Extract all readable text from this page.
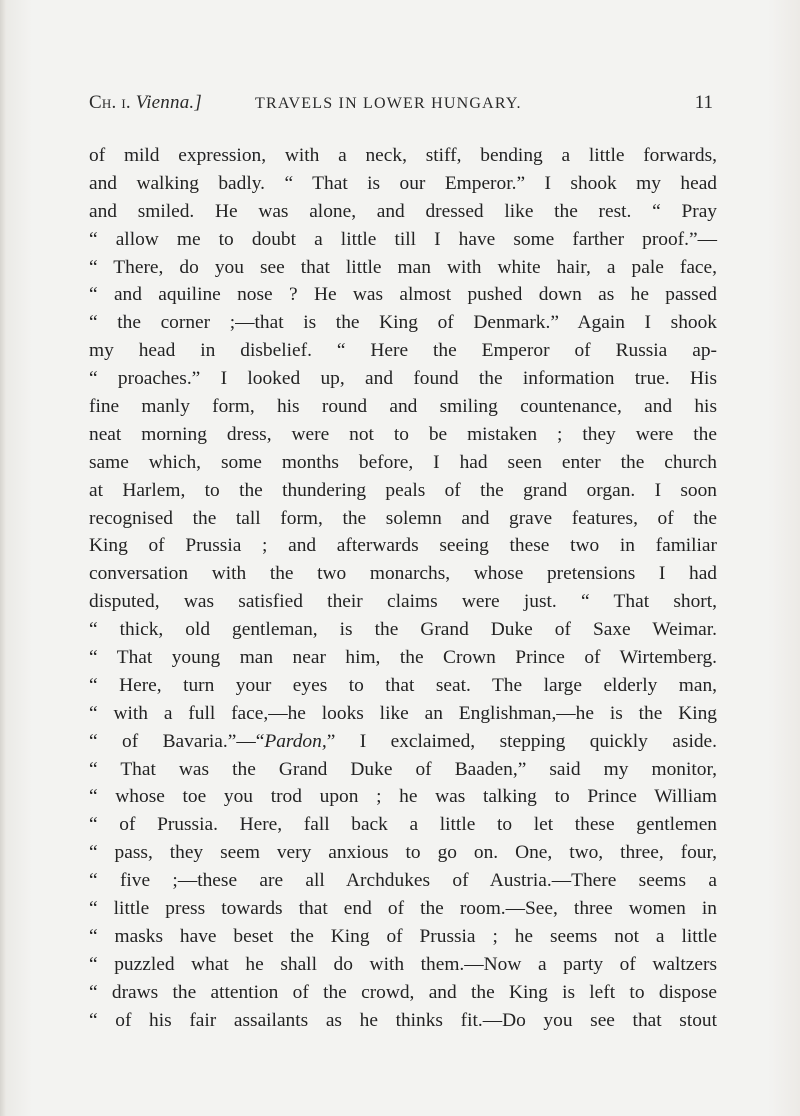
Ch. i. Vienna.]	TRAVELS IN LOWER HUNGARY.	11
of mild expression, with a neck, stiff, bending a little forwards,
and walking badly. “ That is our Emperor.” I shook my head
and smiled. He was alone, and dressed like the rest. “ Pray
“ allow me to doubt a little till I have some farther proof.”—
“ There, do you see that little man with white hair, a pale face,
“ and aquiline nose ? He was almost pushed down as he passed
“ the corner ;—that is the King of Denmark.” Again I shook
my head in disbelief. “ Here the Emperor of Russia ap-
“ proaches.” I looked up, and found the information true. His
fine manly form, his round and smiling countenance, and his
neat morning dress, were not to be mistaken ; they were the
same which, some months before, I had seen enter the church
at Harlem, to the thundering peals of the grand organ. I soon
recognised the tall form, the solemn and grave features, of the
King of Prussia ; and afterwards seeing these two in familiar
conversation with the two monarchs, whose pretensions I had
disputed, was satisfied their claims were just. “ That short,
“ thick, old gentleman, is the Grand Duke of Saxe Weimar.
“ That young man near him, the Crown Prince of Wirtemberg.
“ Here, turn your eyes to that seat. The large elderly man,
“ with a full face,—he looks like an Englishman,—he is the King
“ of Bavaria.”—“Pardon,” I exclaimed, stepping quickly aside.
“ That was the Grand Duke of Baaden,” said my monitor,
“ whose toe you trod upon ; he was talking to Prince William
“ of Prussia. Here, fall back a little to let these gentlemen
“ pass, they seem very anxious to go on. One, two, three, four,
“ five ;—these are all Archdukes of Austria.—There seems a
“ little press towards that end of the room.—See, three women in
“ masks have beset the King of Prussia ; he seems not a little
“ puzzled what he shall do with them.—Now a party of waltzers
“ draws the attention of the crowd, and the King is left to dispose
“ of his fair assailants as he thinks fit.—Do you see that stout
